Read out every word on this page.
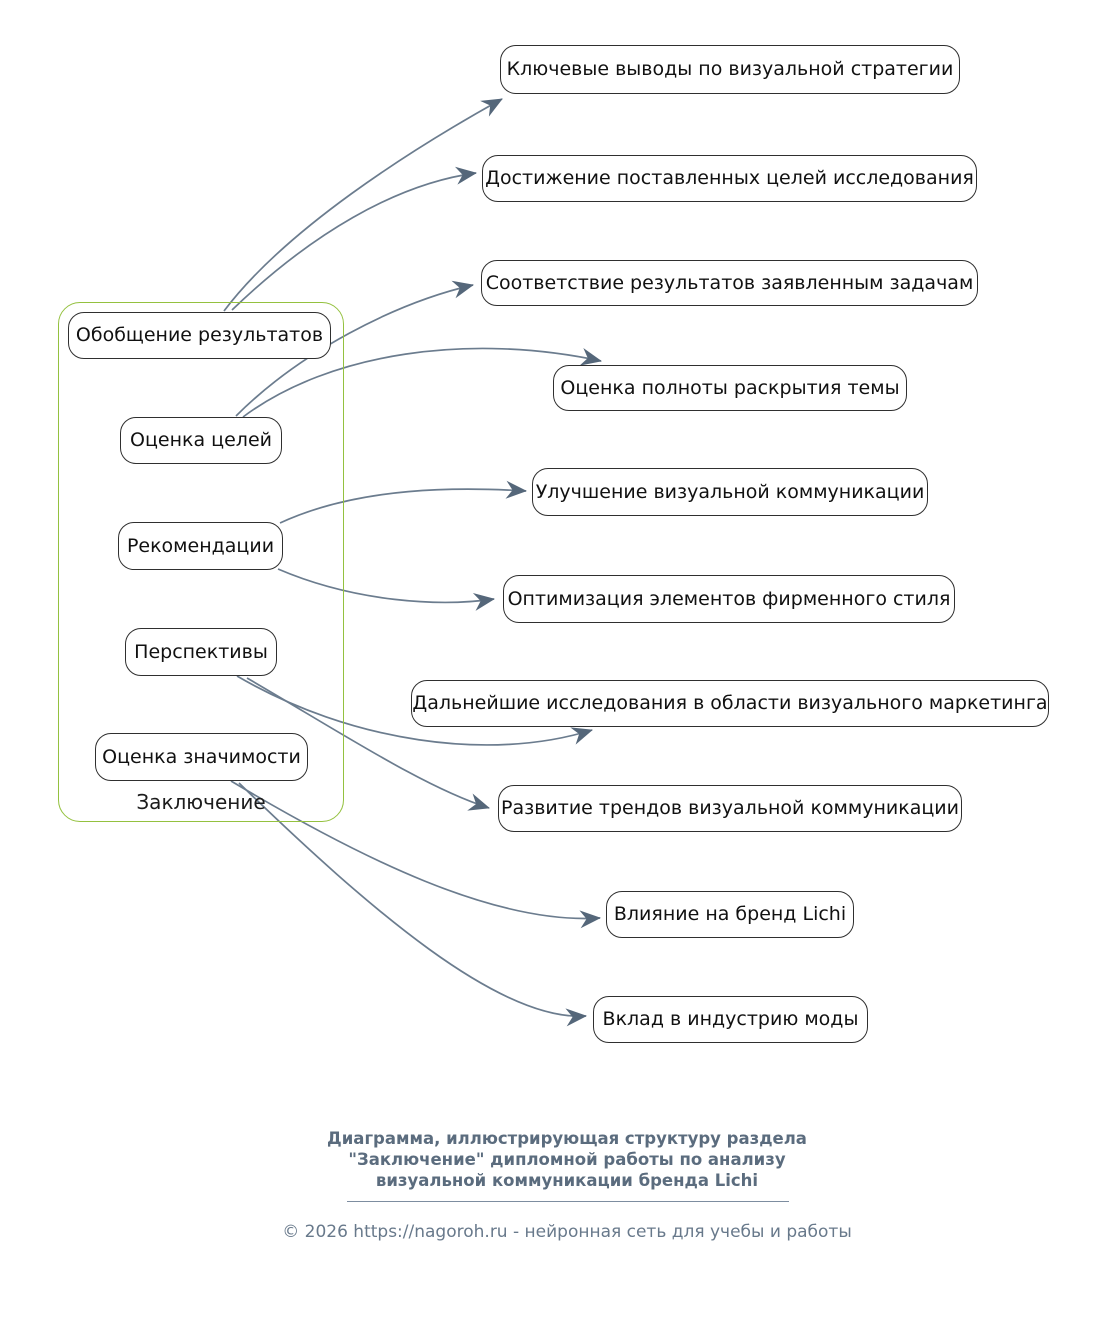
Обобщение результатов
Оценка целей
Рекомендации
Перспективы
Оценка значимости
Заключение
Ключевые выводы по визуальной стратегии
Достижение поставленных целей исследования
Соответствие результатов заявленным задачам
Оценка полноты раскрытия темы
Улучшение визуальной коммуникации
Оптимизация элементов фирменного стиля
Дальнейшие исследования в области визуального маркетинга
Развитие трендов визуальной коммуникации
Влияние на бренд Lichi
Вклад в индустрию моды
Диаграмма, иллюстрирующая структуру раздела
"Заключение" дипломной работы по анализу
визуальной коммуникации бренда Lichi
© 2026 https://nagoroh.ru - нейронная сеть для учебы и работы
